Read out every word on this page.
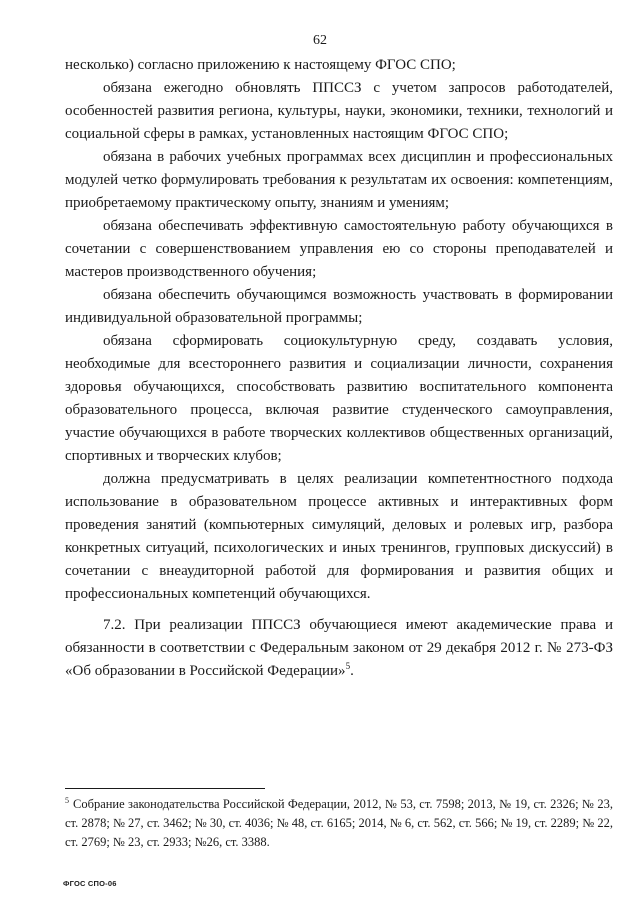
62

несколько) согласно приложению к настоящему ФГОС СПО;

обязана ежегодно обновлять ППССЗ с учетом запросов работодателей, особенностей развития региона, культуры, науки, экономики, техники, технологий и социальной сферы в рамках, установленных настоящим ФГОС СПО;

обязана в рабочих учебных программах всех дисциплин и профессиональных модулей четко формулировать требования к результатам их освоения: компетенциям, приобретаемому практическому опыту, знаниям и умениям;

обязана обеспечивать эффективную самостоятельную работу обучающихся в сочетании с совершенствованием управления ею со стороны преподавателей и мастеров производственного обучения;

обязана обеспечить обучающимся возможность участвовать в формировании индивидуальной образовательной программы;

обязана сформировать социокультурную среду, создавать условия, необходимые для всестороннего развития и социализации личности, сохранения здоровья обучающихся, способствовать развитию воспитательного компонента образовательного процесса, включая развитие студенческого самоуправления, участие обучающихся в работе творческих коллективов общественных организаций, спортивных и творческих клубов;

должна предусматривать в целях реализации компетентностного подхода использование в образовательном процессе активных и интерактивных форм проведения занятий (компьютерных симуляций, деловых и ролевых игр, разбора конкретных ситуаций, психологических и иных тренингов, групповых дискуссий) в сочетании с внеаудиторной работой для формирования и развития общих и профессиональных компетенций обучающихся.

7.2. При реализации ППССЗ обучающиеся имеют академические права и обязанности в соответствии с Федеральным законом от 29 декабря 2012 г. № 273-ФЗ «Об образовании в Российской Федерации»$^5$.

$^5$ Собрание законодательства Российской Федерации, 2012, № 53, ст. 7598; 2013, № 19, ст. 2326; № 23, ст. 2878; № 27, ст. 3462; № 30, ст. 4036; № 48, ст. 6165; 2014, № 6, ст. 562, ст. 566; № 19, ст. 2289; № 22, ст. 2769; № 23, ст. 2933; №26, ст. 3388.
ФГОС СПО-06
